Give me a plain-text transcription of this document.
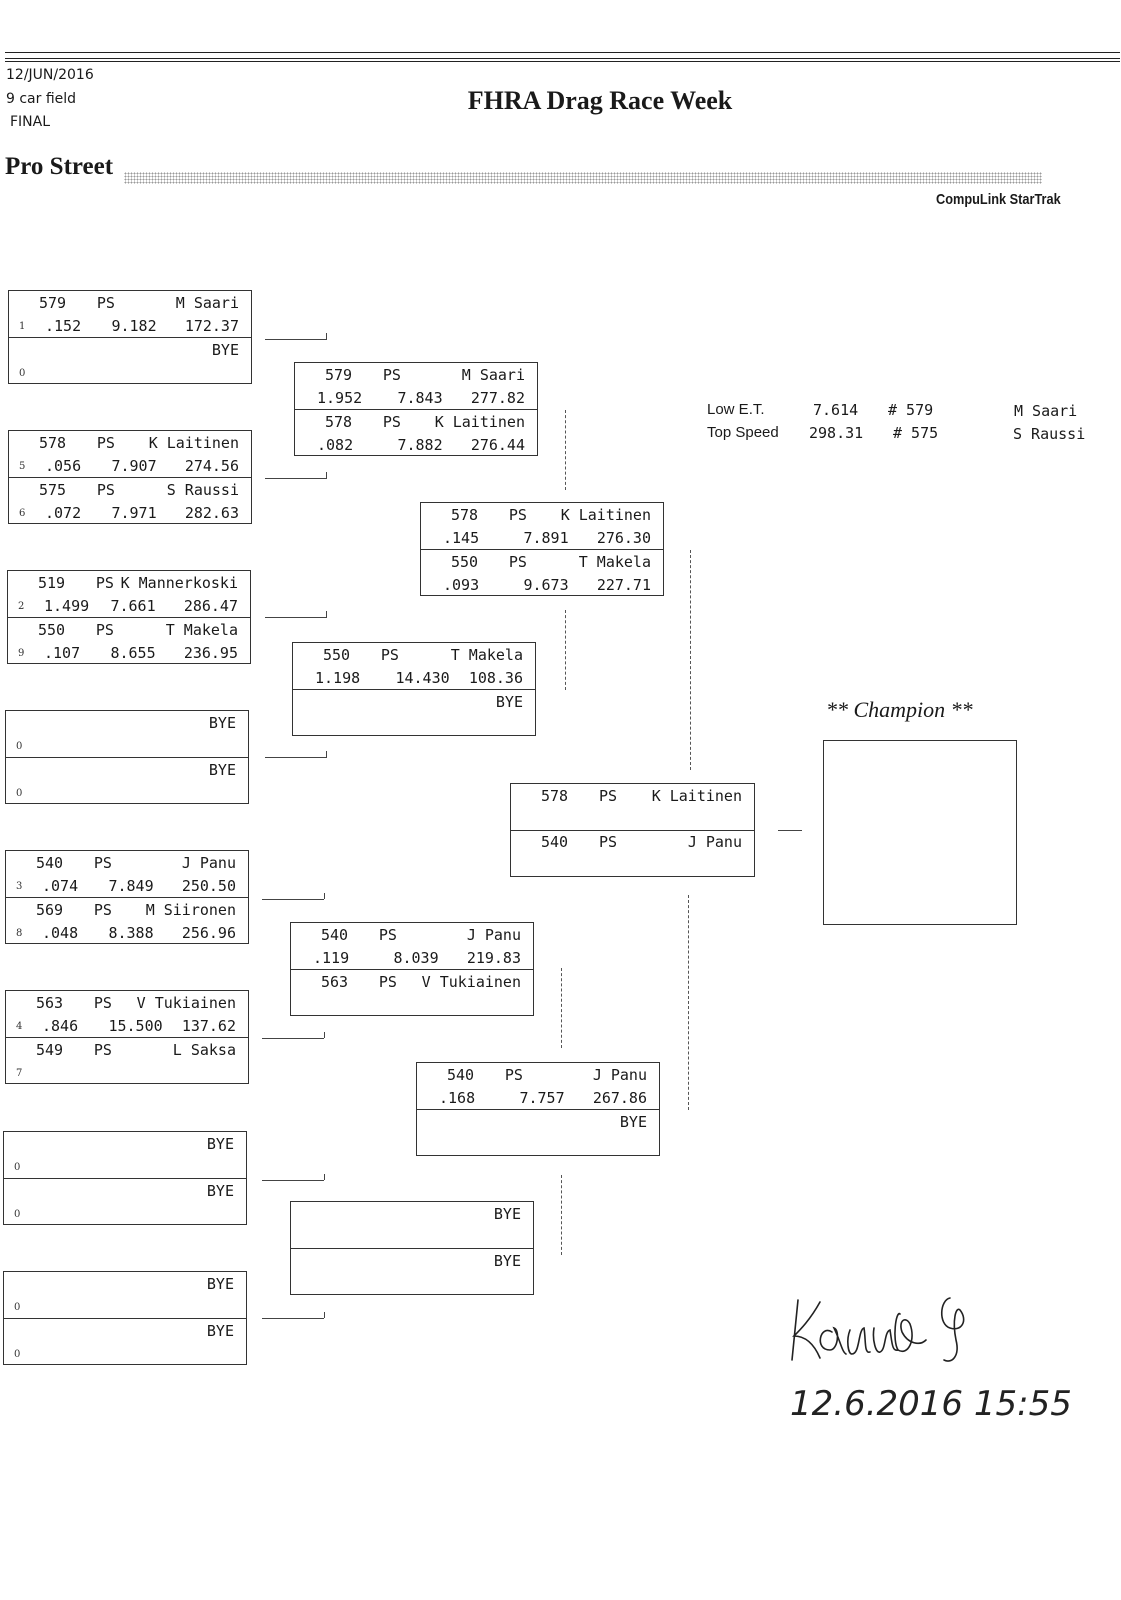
12/JUN/2016
9 car field
FINAL
FHRA Drag Race Week
Pro Street
CompuLink StarTrak
579 PS	M Saari
.152 9.182 172.37
1
BYE
0
578 PS K Laitinen
.056 7.907 274.56
5
575 PS	S Raussi
.072 7.971 282.63
6
519 PS K Mannerkoski
1.499 7.661 286.47
2
550 PS	T Makela
.107 8.655 236.95
9
BYE
0
BYE
0
540 PS	J Panu
.074 7.849 250.50
3
569 PS M Siironen
.048 8.388 256.96
8
563 PS V Tukiainen
.846 15.500 137.62
4
549 PS	L Saksa
7
BYE
0
BYE
0
BYE
0
BYE
0
579 PS	M Saari
1.952 7.843 277.82
578 PS K Laitinen
.082	7.882 276.44
550 PS	T Makela
1.198 14.430 108.36
BYE
540 PS	J Panu
.119	8.039 219.83
563 PS V Tukiainen
BYE
BYE
578 PS K Laitinen
.145	7.891 276.30
550 PS	T Makela
.093	9.673 227.71
540 PS	J Panu
.168	7.757 267.86
BYE
578 PS K Laitinen
540 PS	J Panu
Low E.T.	7.614 # 579	M Saari
Top Speed 298.31 # 575	S Raussi
** Champion **
12.6.2016 15:55
